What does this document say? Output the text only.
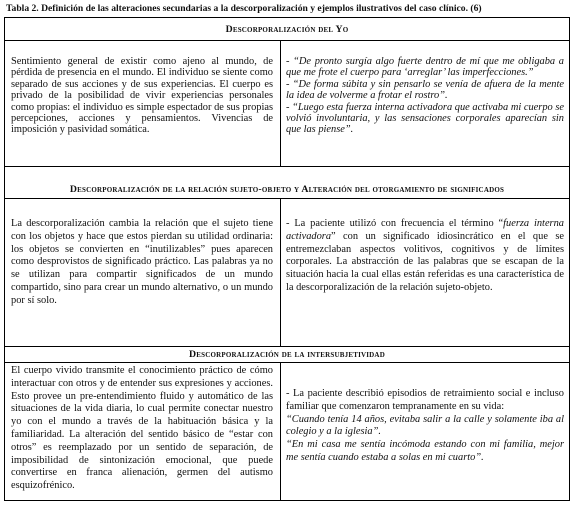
Tabla 2. Definición de las alteraciones secundarias a la descorporalización y ejemplos ilustrativos del caso clínico. (6)
Descorporalización del Yo

Sentimiento general de existir como ajeno al mundo, de pérdida de presencia en el mundo. El individuo se siente como separado de sus acciones y de sus experiencias. El cuerpo es privado de la posibilidad de vivir experiencias personales como propias: el individuo es simple espectador de sus propias percepciones, acciones y pensamientos. Vivencias de imposición y pasividad somática.

- “De pronto surgía algo fuerte dentro de mí que me obligaba a que me frote el cuerpo para ‘arreglar’ las imperfecciones.”

- “De forma súbita y sin pensarlo se venía de afuera de la mente la idea de volverme a frotar el rostro”.

- “Luego esta fuerza interna activadora que activaba mi cuerpo se volvió involuntaria, y las sensaciones corporales aparecían sin que las piense”.

Descorporalización de la relación sujeto-objeto y Alteración del otorgamiento de significados

La descorporalización cambia la relación que el sujeto tiene con los objetos y hace que estos pierdan su utilidad ordinaria: los objetos se convierten en “inutilizables” pues aparecen como desprovistos de significado práctico. Las palabras ya no se utilizan para compartir significados de un mundo compartido, sino para crear un mundo alternativo, o un mundo por sí solo.

- La paciente utilizó con frecuencia el término “fuerza interna activadora” con un significado idiosincrático en el que se entremezclaban aspectos volitivos, cognitivos y de límites corporales. La abstracción de las palabras que se escapan de la situación hacia la cual ellas están referidas es una característica de la descorporalización de la relación sujeto-objeto.

Descorporalización de la intersubjetividad

El cuerpo vivido transmite el conocimiento práctico de cómo interactuar con otros y de entender sus expresiones y acciones. Esto provee un pre-entendimiento fluido y automático de las situaciones de la vida diaria, lo cual permite conectar nuestro yo con el mundo a través de la habituación básica y la familiaridad. La alteración del sentido básico de “estar con otros” es reemplazado por un sentido de separación, de imposibilidad de sintonización emocional, que puede convertirse en franca alienación, germen del autismo esquizofrénico.

- La paciente describió episodios de retraimiento social e incluso familiar que comenzaron tempranamente en su vida:

“Cuando tenía 14 años, evitaba salir a la calle y solamente iba al colegio y a la iglesia”.

“En mi casa me sentía incómoda estando con mi familia, mejor me sentía cuando estaba a solas en mi cuarto”.
